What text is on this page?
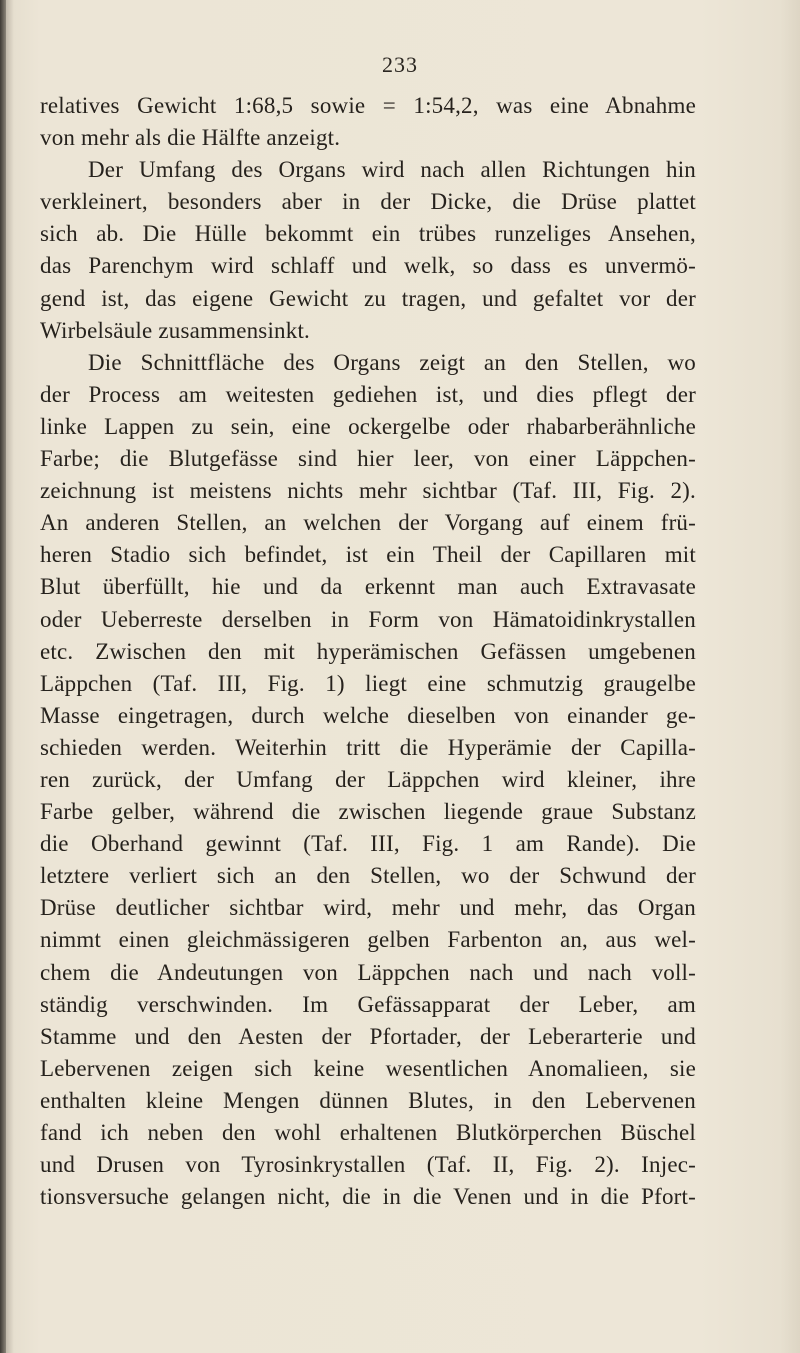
233
relatives Gewicht 1:68,5 sowie = 1:54,2, was eine Abnahme
von mehr als die Hälfte anzeigt.
Der Umfang des Organs wird nach allen Richtungen hin
verkleinert, besonders aber in der Dicke, die Drüse plattet
sich ab. Die Hülle bekommt ein trübes runzeliges Ansehen,
das Parenchym wird schlaff und welk, so dass es unvermö-
gend ist, das eigene Gewicht zu tragen, und gefaltet vor der
Wirbelsäule zusammensinkt.
Die Schnittfläche des Organs zeigt an den Stellen, wo
der Process am weitesten gediehen ist, und dies pflegt der
linke Lappen zu sein, eine ockergelbe oder rhabarberähnliche
Farbe; die Blutgefässe sind hier leer, von einer Läppchen-
zeichnung ist meistens nichts mehr sichtbar (Taf. III, Fig. 2).
An anderen Stellen, an welchen der Vorgang auf einem frü-
heren Stadio sich befindet, ist ein Theil der Capillaren mit
Blut überfüllt, hie und da erkennt man auch Extravasate
oder Ueberreste derselben in Form von Hämatoidinkrystallen
etc. Zwischen den mit hyperämischen Gefässen umgebenen
Läppchen (Taf. III, Fig. 1) liegt eine schmutzig graugelbe
Masse eingetragen, durch welche dieselben von einander ge-
schieden werden. Weiterhin tritt die Hyperämie der Capilla-
ren zurück, der Umfang der Läppchen wird kleiner, ihre
Farbe gelber, während die zwischen liegende graue Substanz
die Oberhand gewinnt (Taf. III, Fig. 1 am Rande). Die
letztere verliert sich an den Stellen, wo der Schwund der
Drüse deutlicher sichtbar wird, mehr und mehr, das Organ
nimmt einen gleichmässigeren gelben Farbenton an, aus wel-
chem die Andeutungen von Läppchen nach und nach voll-
ständig verschwinden. Im Gefässapparat der Leber, am
Stamme und den Aesten der Pfortader, der Leberarterie und
Lebervenen zeigen sich keine wesentlichen Anomalieen, sie
enthalten kleine Mengen dünnen Blutes, in den Lebervenen
fand ich neben den wohl erhaltenen Blutkörperchen Büschel
und Drusen von Tyrosinkrystallen (Taf. II, Fig. 2). Injec-
tionsversuche gelangen nicht, die in die Venen und in die Pfort-
